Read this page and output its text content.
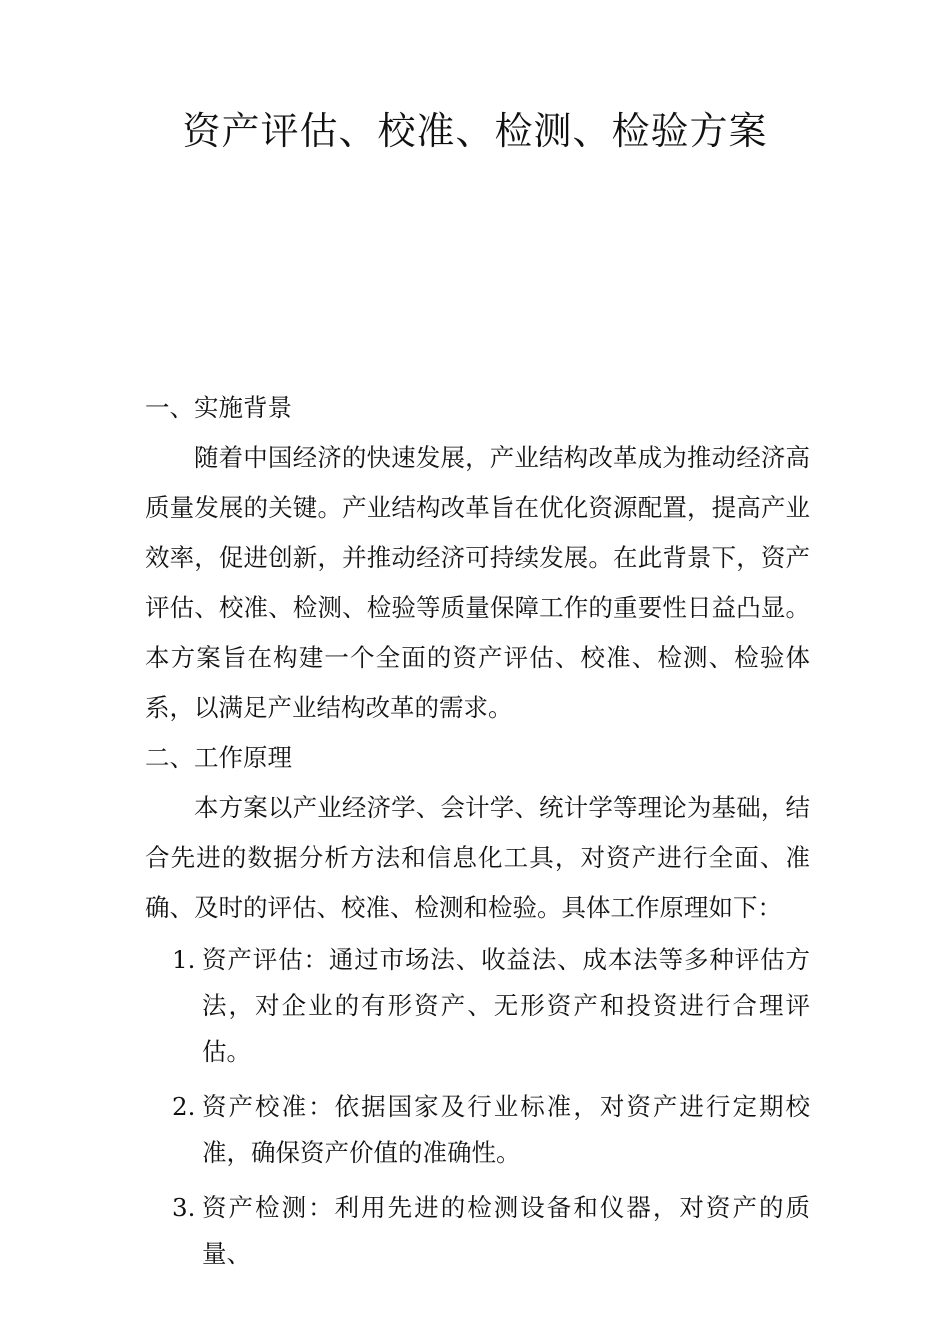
资产评估、校准、检测、检验方案
一、实施背景

随着中国经济的快速发展，产业结构改革成为推动经济高质量发展的关键。产业结构改革旨在优化资源配置，提高产业效率，促进创新，并推动经济可持续发展。在此背景下，资产评估、校准、检测、检验等质量保障工作的重要性日益凸显。本方案旨在构建一个全面的资产评估、校准、检测、检验体系，以满足产业结构改革的需求。

二、工作原理

本方案以产业经济学、会计学、统计学等理论为基础，结合先进的数据分析方法和信息化工具，对资产进行全面、准确、及时的评估、校准、检测和检验。具体工作原理如下：

1. 资产评估：通过市场法、收益法、成本法等多种评估方法，对企业的有形资产、无形资产和投资进行合理评估。
2. 资产校准：依据国家及行业标准，对资产进行定期校准，确保资产价值的准确性。
3. 资产检测：利用先进的检测设备和仪器，对资产的质量、
